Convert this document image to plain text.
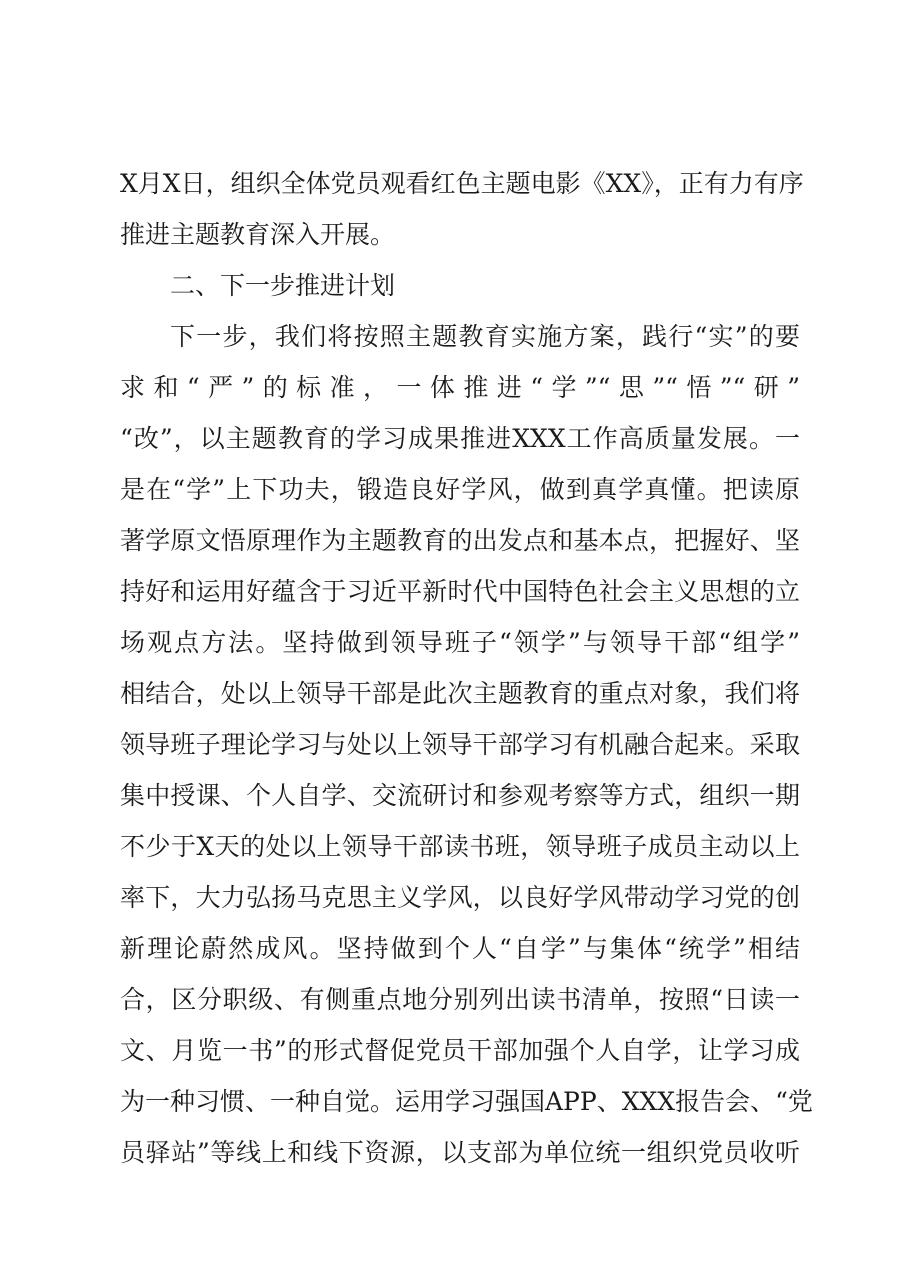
X月X日，组织全体党员观看红色主题电影《XX》，正有力有序
推进主题教育深入开展。
二、下一步推进计划
下一步，我们将按照主题教育实施方案，践行“实”的要
求和“严”的标准，一体推进“学”“思”“悟”“研”
“改”，以主题教育的学习成果推进XXX工作高质量发展。一
是在“学”上下功夫，锻造良好学风，做到真学真懂。把读原
著学原文悟原理作为主题教育的出发点和基本点，把握好、坚
持好和运用好蕴含于习近平新时代中国特色社会主义思想的立
场观点方法。坚持做到领导班子“领学”与领导干部“组学”
相结合，处以上领导干部是此次主题教育的重点对象，我们将
领导班子理论学习与处以上领导干部学习有机融合起来。采取
集中授课、个人自学、交流研讨和参观考察等方式，组织一期
不少于X天的处以上领导干部读书班，领导班子成员主动以上
率下，大力弘扬马克思主义学风，以良好学风带动学习党的创
新理论蔚然成风。坚持做到个人“自学”与集体“统学”相结
合，区分职级、有侧重点地分别列出读书清单，按照“日读一
文、月览一书”的形式督促党员干部加强个人自学，让学习成
为一种习惯、一种自觉。运用学习强国APP、XXX报告会、“党
员驿站”等线上和线下资源，以支部为单位统一组织党员收听
